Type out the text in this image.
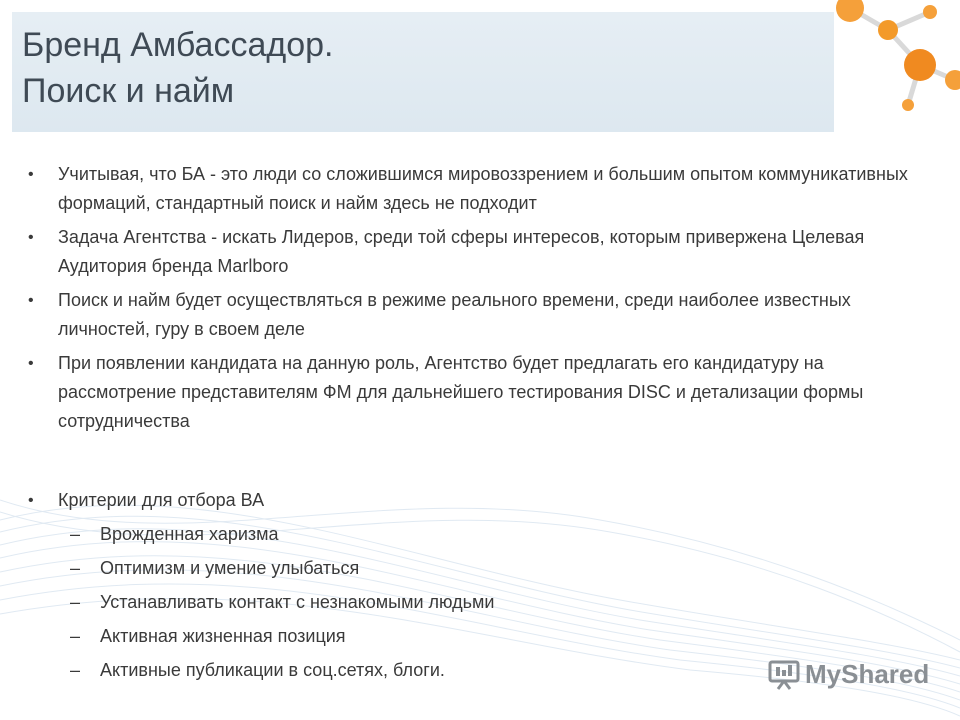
Бренд Амбассадор.
Поиск и найм
• Учитывая, что БА - это люди со сложившимся мировоззрением и большим опытом коммуникативных формаций, стандартный поиск и найм здесь не подходит
• Задача Агентства - искать Лидеров, среди той сферы интересов, которым привержена Целевая Аудитория бренда Marlboro
• Поиск и найм будет осуществляться в режиме реального времени, среди наиболее известных личностей, гуру в своем деле
• При появлении кандидата на данную роль, Агентство будет предлагать его кандидатуру на рассмотрение представителям ФМ для дальнейшего тестирования DISC и детализации формы сотрудничества
• Критерии для отбора ВА
– Врожденная харизма
– Оптимизм и умение улыбаться
– Устанавливать контакт с незнакомыми людьми
– Активная жизненная позиция
– Активные публикации в соц.сетях, блоги.	MyShared
